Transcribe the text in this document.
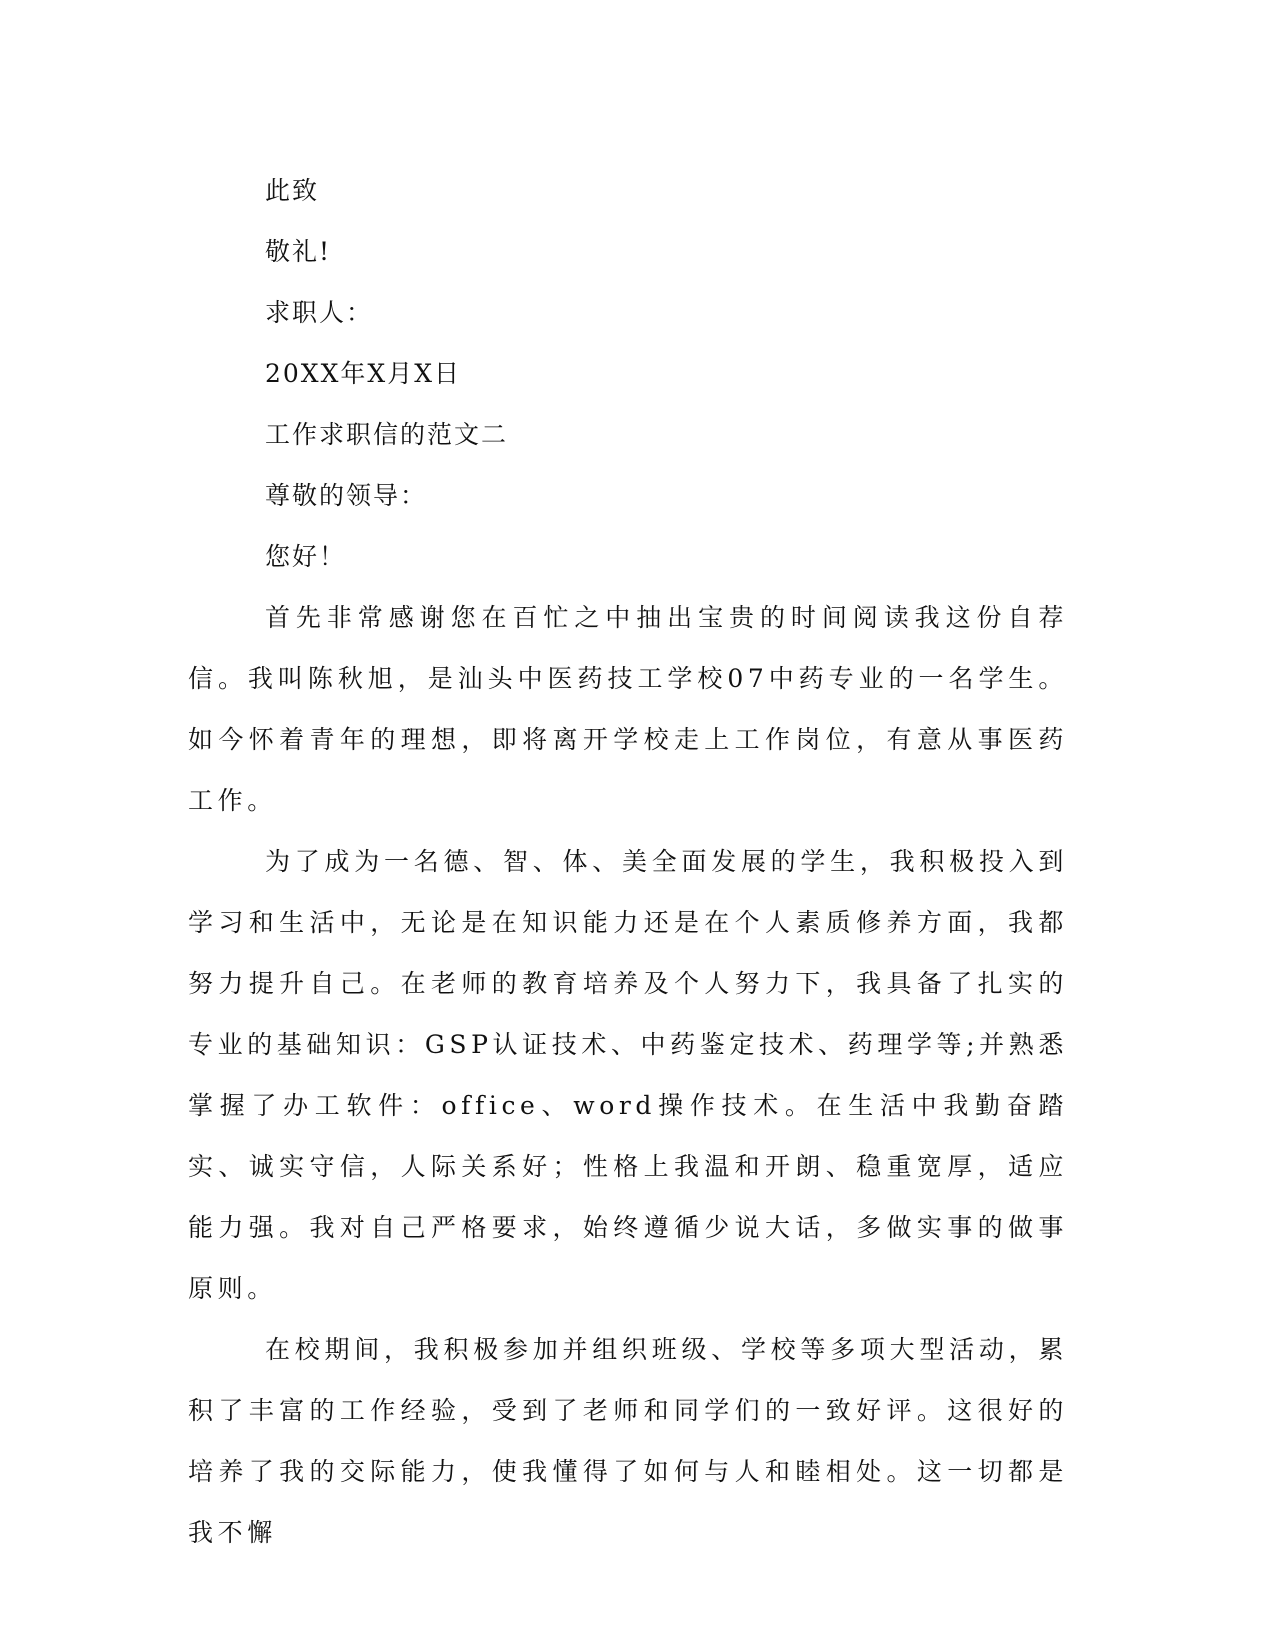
此致
敬礼!
求职人：
20XX年X月X日
工作求职信的范文二
尊敬的领导：
您好！

首先非常感谢您在百忙之中抽出宝贵的时间阅读我这份自荐信。我叫陈秋旭，是汕头中医药技工学校07中药专业的一名学生。如今怀着青年的理想，即将离开学校走上工作岗位，有意从事医药工作。

为了成为一名德、智、体、美全面发展的学生，我积极投入到学习和生活中，无论是在知识能力还是在个人素质修养方面，我都努力提升自己。在老师的教育培养及个人努力下，我具备了扎实的专业的基础知识：GSP认证技术、中药鉴定技术、药理学等;并熟悉掌握了办工软件：office、word操作技术。在生活中我勤奋踏实、诚实守信，人际关系好；性格上我温和开朗、稳重宽厚，适应能力强。我对自己严格要求，始终遵循少说大话，多做实事的做事原则。

在校期间，我积极参加并组织班级、学校等多项大型活动，累积了丰富的工作经验，受到了老师和同学们的一致好评。这很好的培养了我的交际能力，使我懂得了如何与人和睦相处。这一切都是我不懈
